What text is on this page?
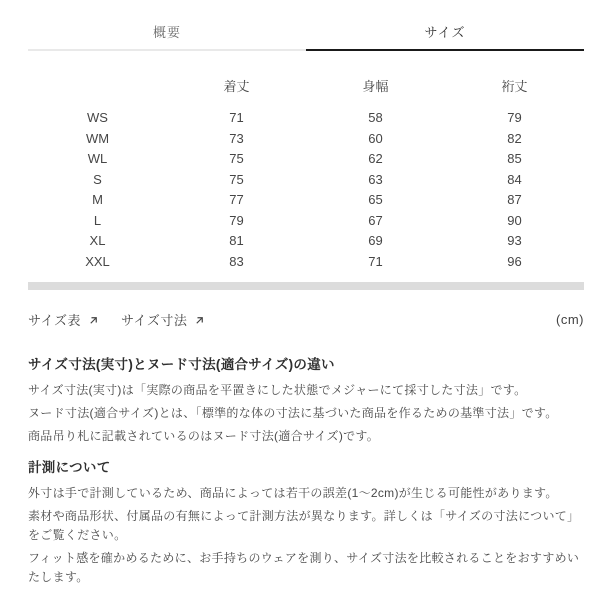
概要	サイズ
	着丈	身幅	裄丈
WS	71	58	79
WM	73	60	82
WL	75	62	85
S	75	63	84
M	77	65	87
L	79	67	90
XL	81	69	93
XXL	83	71	96
サイズ表	サイズ寸法	(cm)
サイズ寸法(実寸)とヌード寸法(適合サイズ)の違い

サイズ寸法(実寸)は「実際の商品を平置きにした状態でメジャーにて採寸した寸法」です。

ヌード寸法(適合サイズ)とは、「標準的な体の寸法に基づいた商品を作るための基準寸法」です。

商品吊り札に記載されているのはヌード寸法(適合サイズ)です。

計測について

外寸は手で計測しているため、商品によっては若干の誤差(1～2cm)が生じる可能性があります。

素材や商品形状、付属品の有無によって計測方法が異なります。詳しくは「サイズの寸法について」をご覧ください。

フィット感を確かめるために、お手持ちのウェアを測り、サイズ寸法を比較されることをおすすめいたします。
